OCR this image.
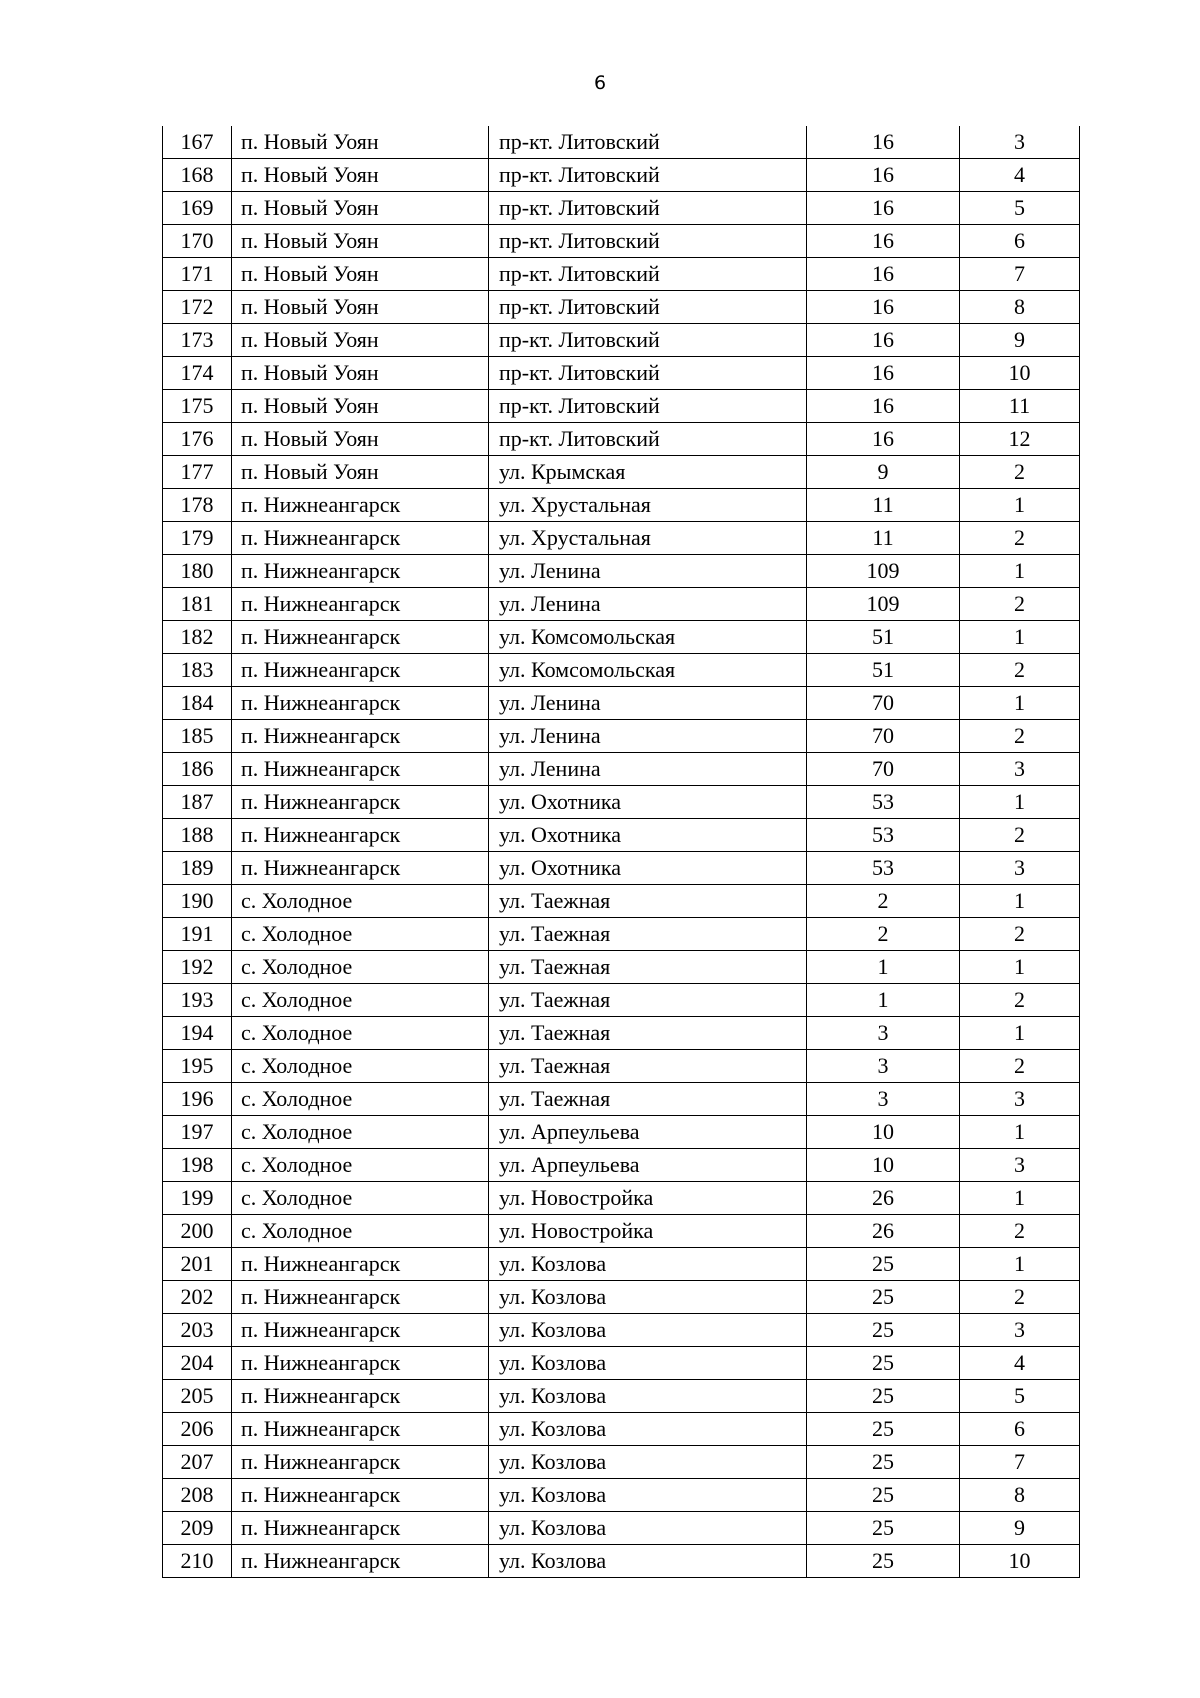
6
167	п. Новый Уоян	пр-кт. Литовский	16	3
168	п. Новый Уоян	пр-кт. Литовский	16	4
169	п. Новый Уоян	пр-кт. Литовский	16	5
170	п. Новый Уоян	пр-кт. Литовский	16	6
171	п. Новый Уоян	пр-кт. Литовский	16	7
172	п. Новый Уоян	пр-кт. Литовский	16	8
173	п. Новый Уоян	пр-кт. Литовский	16	9
174	п. Новый Уоян	пр-кт. Литовский	16	10
175	п. Новый Уоян	пр-кт. Литовский	16	11
176	п. Новый Уоян	пр-кт. Литовский	16	12
177	п. Новый Уоян	ул. Крымская	9	2
178	п. Нижнеангарск	ул. Хрустальная	11	1
179	п. Нижнеангарск	ул. Хрустальная	11	2
180	п. Нижнеангарск	ул. Ленина	109	1
181	п. Нижнеангарск	ул. Ленина	109	2
182	п. Нижнеангарск	ул. Комсомольская	51	1
183	п. Нижнеангарск	ул. Комсомольская	51	2
184	п. Нижнеангарск	ул. Ленина	70	1
185	п. Нижнеангарск	ул. Ленина	70	2
186	п. Нижнеангарск	ул. Ленина	70	3
187	п. Нижнеангарск	ул. Охотника	53	1
188	п. Нижнеангарск	ул. Охотника	53	2
189	п. Нижнеангарск	ул. Охотника	53	3
190	с. Холодное	ул. Таежная	2	1
191	с. Холодное	ул. Таежная	2	2
192	с. Холодное	ул. Таежная	1	1
193	с. Холодное	ул. Таежная	1	2
194	с. Холодное	ул. Таежная	3	1
195	с. Холодное	ул. Таежная	3	2
196	с. Холодное	ул. Таежная	3	3
197	с. Холодное	ул. Арпеульева	10	1
198	с. Холодное	ул. Арпеульева	10	3
199	с. Холодное	ул. Новостройка	26	1
200	с. Холодное	ул. Новостройка	26	2
201	п. Нижнеангарск	ул. Козлова	25	1
202	п. Нижнеангарск	ул. Козлова	25	2
203	п. Нижнеангарск	ул. Козлова	25	3
204	п. Нижнеангарск	ул. Козлова	25	4
205	п. Нижнеангарск	ул. Козлова	25	5
206	п. Нижнеангарск	ул. Козлова	25	6
207	п. Нижнеангарск	ул. Козлова	25	7
208	п. Нижнеангарск	ул. Козлова	25	8
209	п. Нижнеангарск	ул. Козлова	25	9
210	п. Нижнеангарск	ул. Козлова	25	10
